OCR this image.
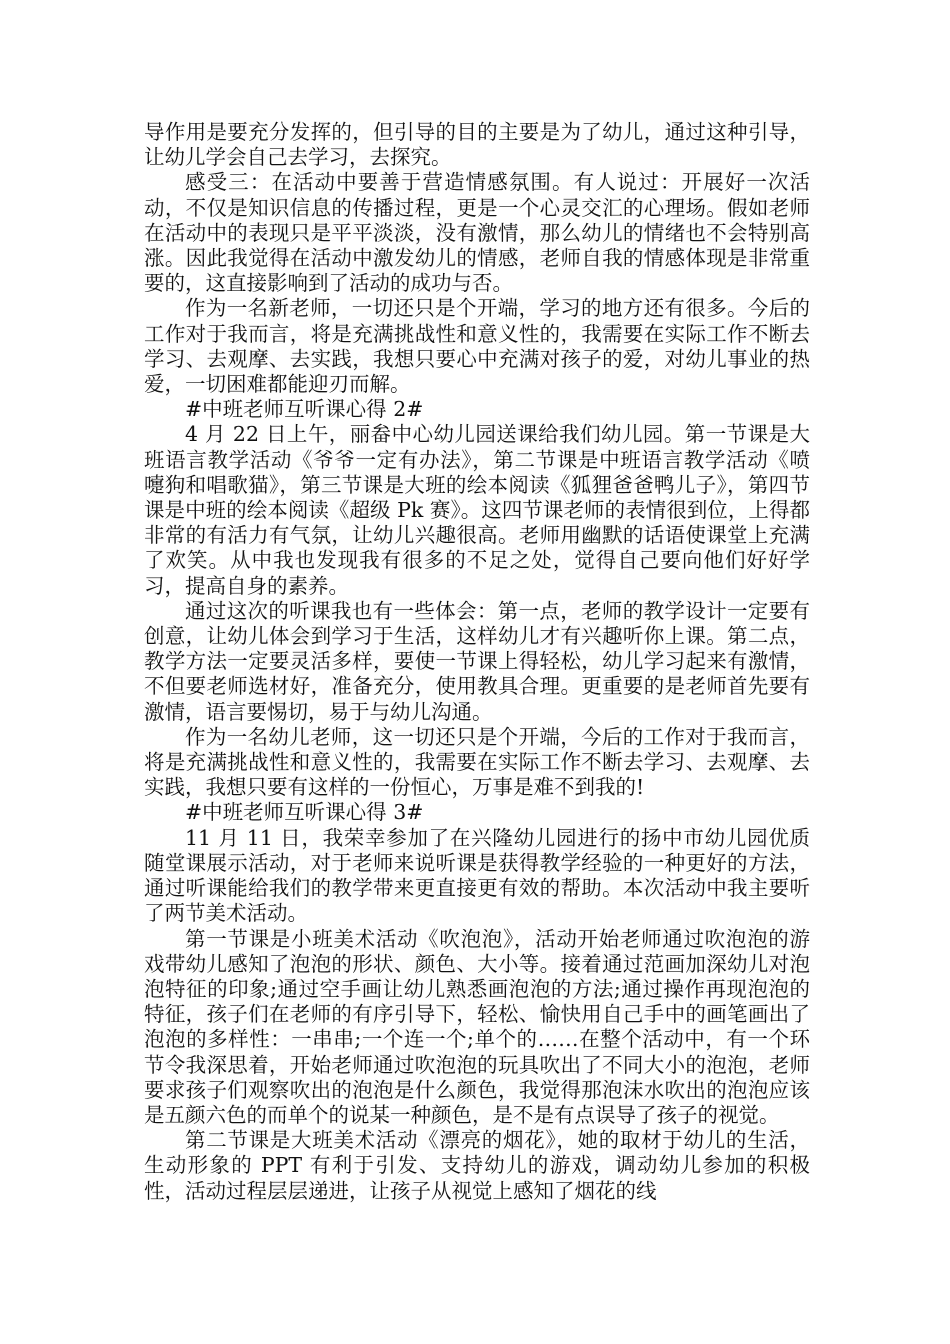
导作用是要充分发挥的，但引导的目的主要是为了幼儿，通过这种引导，让幼儿学会自己去学习，去探究。

感受三：在活动中要善于营造情感氛围。有人说过：开展好一次活动，不仅是知识信息的传播过程，更是一个心灵交汇的心理场。假如老师在活动中的表现只是平平淡淡，没有激情，那么幼儿的情绪也不会特别高涨。因此我觉得在活动中激发幼儿的情感，老师自我的情感体现是非常重要的，这直接影响到了活动的成功与否。

作为一名新老师，一切还只是个开端，学习的地方还有很多。今后的工作对于我而言，将是充满挑战性和意义性的，我需要在实际工作不断去学习、去观摩、去实践，我想只要心中充满对孩子的爱，对幼儿事业的热爱，一切困难都能迎刃而解。

#中班老师互听课心得 2#

4 月 22 日上午，丽畚中心幼儿园送课给我们幼儿园。第一节课是大班语言教学活动《爷爷一定有办法》，第二节课是中班语言教学活动《喷嚏狗和唱歌猫》，第三节课是大班的绘本阅读《狐狸爸爸鸭儿子》，第四节课是中班的绘本阅读《超级 Pk 赛》。这四节课老师的表情很到位，上得都非常的有活力有气氛，让幼儿兴趣很高。老师用幽默的话语使课堂上充满了欢笑。从中我也发现我有很多的不足之处，觉得自己要向他们好好学习，提高自身的素养。

通过这次的听课我也有一些体会：第一点，老师的教学设计一定要有创意，让幼儿体会到学习于生活，这样幼儿才有兴趣听你上课。第二点，教学方法一定要灵活多样，要使一节课上得轻松，幼儿学习起来有激情，不但要老师选材好，准备充分，使用教具合理。更重要的是老师首先要有激情，语言要惕切，易于与幼儿沟通。

作为一名幼儿老师，这一切还只是个开端，今后的工作对于我而言，将是充满挑战性和意义性的，我需要在实际工作不断去学习、去观摩、去实践，我想只要有这样的一份恒心，万事是难不到我的!

#中班老师互听课心得 3#

11 月 11 日，我荣幸参加了在兴隆幼儿园进行的扬中市幼儿园优质随堂课展示活动，对于老师来说听课是获得教学经验的一种更好的方法，通过听课能给我们的教学带来更直接更有效的帮助。本次活动中我主要听了两节美术活动。

第一节课是小班美术活动《吹泡泡》，活动开始老师通过吹泡泡的游戏带幼儿感知了泡泡的形状、颜色、大小等。接着通过范画加深幼儿对泡泡特征的印象;通过空手画让幼儿熟悉画泡泡的方法;通过操作再现泡泡的特征，孩子们在老师的有序引导下，轻松、愉快用自己手中的画笔画出了泡泡的多样性：一串串;一个连一个;单个的……在整个活动中，有一个环节令我深思着，开始老师通过吹泡泡的玩具吹出了不同大小的泡泡，老师要求孩子们观察吹出的泡泡是什么颜色，我觉得那泡沫水吹出的泡泡应该是五颜六色的而单个的说某一种颜色，是不是有点误导了孩子的视觉。

第二节课是大班美术活动《漂亮的烟花》，她的取材于幼儿的生活，生动形象的 PPT 有利于引发、支持幼儿的游戏，调动幼儿参加的积极性，活动过程层层递进，让孩子从视觉上感知了烟花的线
